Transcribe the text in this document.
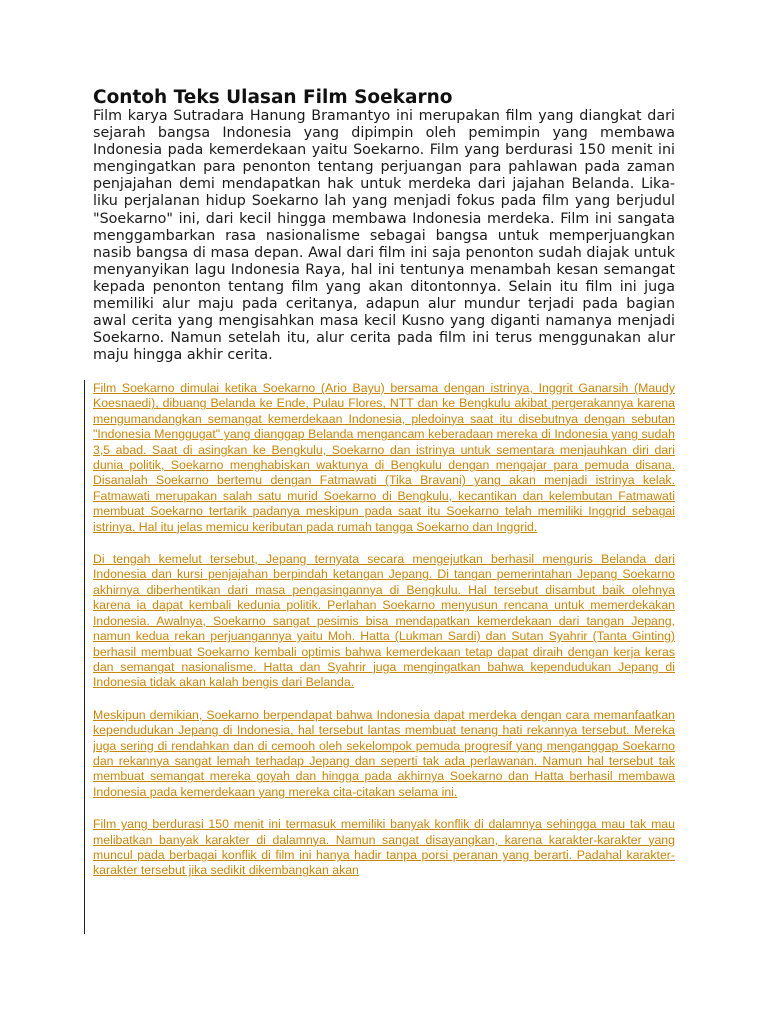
Contoh Teks Ulasan Film Soekarno

Film karya Sutradara Hanung Bramantyo ini merupakan film yang diangkat dari sejarah bangsa Indonesia yang dipimpin oleh pemimpin yang membawa Indonesia pada kemerdekaan yaitu Soekarno. Film yang berdurasi 150 menit ini mengingatkan para penonton tentang perjuangan para pahlawan pada zaman penjajahan demi mendapatkan hak untuk merdeka dari jajahan Belanda. Lika-liku perjalanan hidup Soekarno lah yang menjadi fokus pada film yang berjudul "Soekarno" ini, dari kecil hingga membawa Indonesia merdeka. Film ini sangata menggambarkan rasa nasionalisme sebagai bangsa untuk memperjuangkan nasib bangsa di masa depan. Awal dari film ini saja penonton sudah diajak untuk menyanyikan lagu Indonesia Raya, hal ini tentunya menambah kesan semangat kepada penonton tentang film yang akan ditontonnya. Selain itu film ini juga memiliki alur maju pada ceritanya, adapun alur mundur terjadi pada bagian awal cerita yang mengisahkan masa kecil Kusno yang diganti namanya menjadi Soekarno. Namun setelah itu, alur cerita pada film ini terus menggunakan alur maju hingga akhir cerita.

Film Soekarno dimulai ketika Soekarno (Ario Bayu) bersama dengan istrinya, Inggrit Ganarsih (Maudy Koesnaedi), dibuang Belanda ke Ende, Pulau Flores, NTT dan ke Bengkulu akibat pergerakannya karena mengumandangkan semangat kemerdekaan Indonesia, pledoinya saat itu disebutnya dengan sebutan "Indonesia Menggugat" yang dianggap Belanda mengancam keberadaan mereka di Indonesia yang sudah 3,5 abad. Saat di asingkan ke Bengkulu, Soekarno dan istrinya untuk sementara menjauhkan diri dari dunia politik, Soekarno menghabiskan waktunya di Bengkulu dengan mengajar para pemuda disana. Disanalah Soekarno bertemu dengan Fatmawati (Tika Bravani) yang akan menjadi istrinya kelak. Fatmawati merupakan salah satu murid Soekarno di Bengkulu, kecantikan dan kelembutan Fatmawati membuat Soekarno tertarik padanya meskipun pada saat itu Soekarno telah memiliki Inggrid sebagai istrinya. Hal itu jelas memicu keributan pada rumah tangga Soekarno dan Inggrid.

Di tengah kemelut tersebut, Jepang ternyata secara mengejutkan berhasil menguris Belanda dari Indonesia dan kursi penjajahan berpindah ketangan Jepang. Di tangan pemerintahan Jepang Soekarno akhirnya diberhentikan dari masa pengasingannya di Bengkulu. Hal tersebut disambut baik olehnya karena ia dapat kembali kedunia politik. Perlahan Soekarno menyusun rencana untuk memerdekakan Indonesia. Awalnya, Soekarno sangat pesimis bisa mendapatkan kemerdekaan dari tangan Jepang, namun kedua rekan perjuangannya yaitu Moh. Hatta (Lukman Sardi) dan Sutan Syahrir (Tanta Ginting) berhasil membuat Soekarno kembali optimis bahwa kemerdekaan tetap dapat diraih dengan kerja keras dan semangat nasionalisme. Hatta dan Syahrir juga mengingatkan bahwa kependudukan Jepang di Indonesia tidak akan kalah bengis dari Belanda.

Meskipun demikian, Soekarno berpendapat bahwa Indonesia dapat merdeka dengan cara memanfaatkan kependudukan Jepang di Indonesia, hal tersebut lantas membuat tenang hati rekannya tersebut. Mereka juga sering di rendahkan dan di cemooh oleh sekelompok pemuda progresif yang menganggap Soekarno dan rekannya sangat lemah terhadap Jepang dan seperti tak ada perlawanan. Namun hal tersebut tak membuat semangat mereka goyah dan hingga pada akhirnya Soekarno dan Hatta berhasil membawa Indonesia pada kemerdekaan yang mereka cita-citakan selama ini.

Film yang berdurasi 150 menit ini termasuk memiliki banyak konflik di dalamnya sehingga mau tak mau melibatkan banyak karakter di dalamnya. Namun sangat disayangkan, karena karakter-karakter yang muncul pada berbagai konflik di film ini hanya hadir tanpa porsi peranan yang berarti. Padahal karakter-karakter tersebut jika sedikit dikembangkan akan
